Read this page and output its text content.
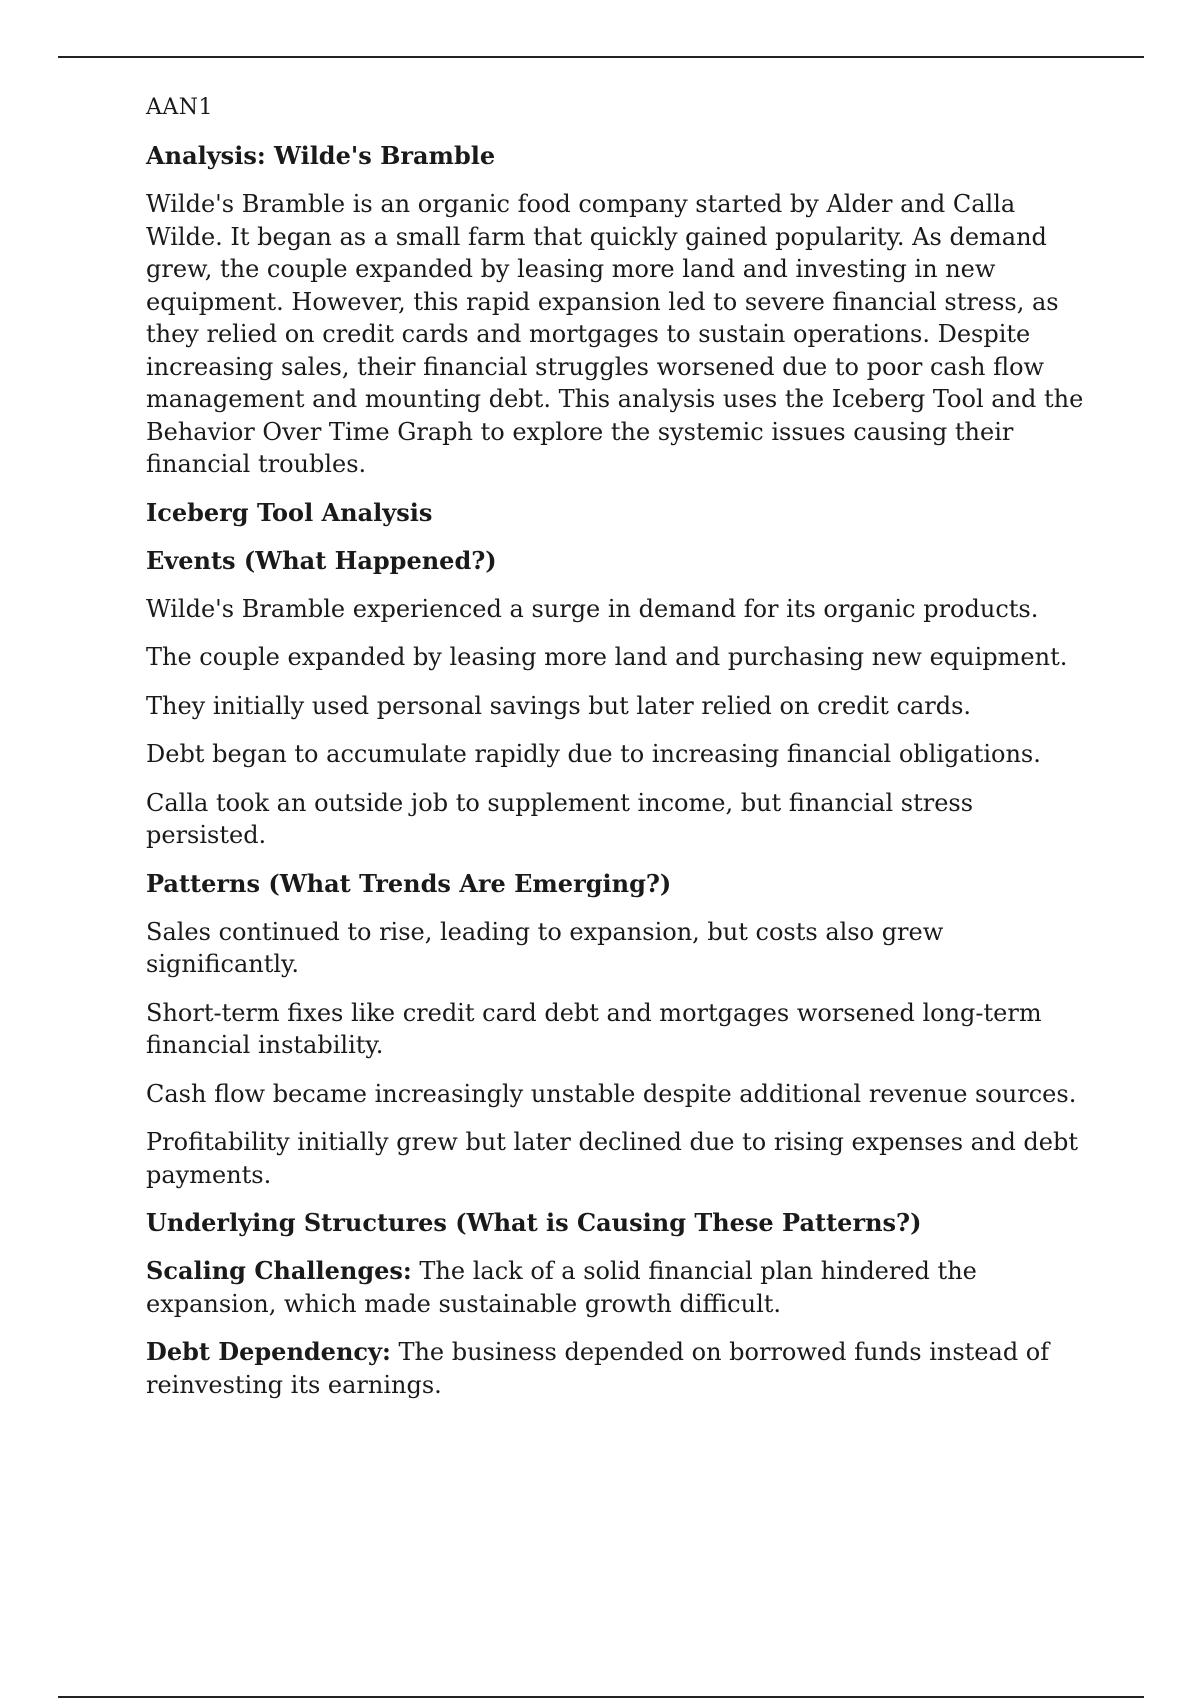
AAN1

Analysis: Wilde's Bramble

Wilde's Bramble is an organic food company started by Alder and Calla Wilde. It began as a small farm that quickly gained popularity. As demand grew, the couple expanded by leasing more land and investing in new equipment. However, this rapid expansion led to severe financial stress, as they relied on credit cards and mortgages to sustain operations. Despite increasing sales, their financial struggles worsened due to poor cash flow management and mounting debt. This analysis uses the Iceberg Tool and the Behavior Over Time Graph to explore the systemic issues causing their financial troubles.

Iceberg Tool Analysis

Events (What Happened?)

Wilde's Bramble experienced a surge in demand for its organic products.

The couple expanded by leasing more land and purchasing new equipment.

They initially used personal savings but later relied on credit cards.

Debt began to accumulate rapidly due to increasing financial obligations.

Calla took an outside job to supplement income, but financial stress persisted.

Patterns (What Trends Are Emerging?)

Sales continued to rise, leading to expansion, but costs also grew significantly.

Short-term fixes like credit card debt and mortgages worsened long-term financial instability.

Cash flow became increasingly unstable despite additional revenue sources.

Profitability initially grew but later declined due to rising expenses and debt payments.

Underlying Structures (What is Causing These Patterns?)

Scaling Challenges: The lack of a solid financial plan hindered the expansion, which made sustainable growth difficult.

Debt Dependency: The business depended on borrowed funds instead of reinvesting its earnings.
